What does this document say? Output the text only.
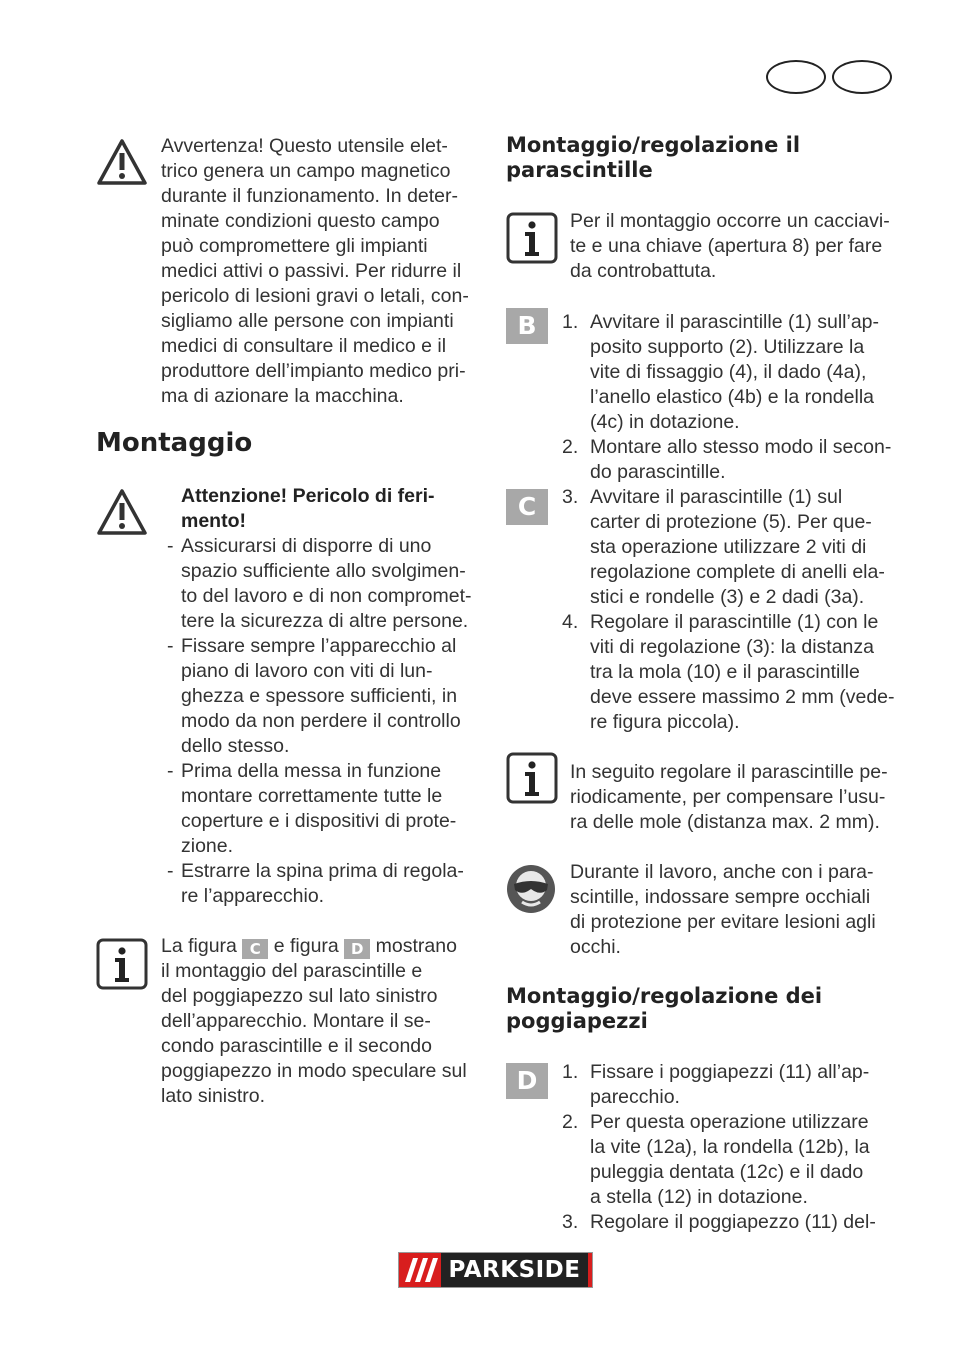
Avvertenza! Questo utensile elet-
trico genera un campo magnetico
durante il funzionamento. In deter-
minate condizioni questo campo
può compromettere gli impianti
medici attivi o passivi. Per ridurre il
pericolo di lesioni gravi o letali, con-
sigliamo alle persone con impianti
medici di consultare il medico e il
produttore dell’impianto medico pri-
ma di azionare la macchina.
Montaggio
Attenzione! Pericolo di feri-
mento!
- Assicurarsi di disporre di uno
spazio sufficiente allo svolgimen-
to del lavoro e di non compromet-
tere la sicurezza di altre persone.
- Fissare sempre l’apparecchio al
piano di lavoro con viti di lun-
ghezza e spessore sufficienti, in
modo da non perdere il controllo
dello stesso.
- Prima della messa in funzione
montare correttamente tutte le
coperture e i dispositivi di prote-
zione.
- Estrarre la spina prima di regola-
re l’apparecchio.
La figura C e figura D mostrano
il montaggio del parascintille e
del poggiapezzo sul lato sinistro
dell’apparecchio. Montare il se-
condo parascintille e il secondo
poggiapezzo in modo speculare sul
lato sinistro.
Montaggio/regolazione il
parascintille
Per il montaggio occorre un cacciavi-
te e una chiave (apertura 8) per fare
da controbattuta.
B	1. Avvitare il parascintille (1) sull’ap-
posito supporto (2). Utilizzare la
vite di fissaggio (4), il dado (4a),
l’anello elastico (4b) e la rondella
(4c) in dotazione.
2. Montare allo stesso modo il secon-
do parascintille.
C	3. Avvitare il parascintille (1) sul
carter di protezione (5). Per que-
sta operazione utilizzare 2 viti di
regolazione complete di anelli ela-
stici e rondelle (3) e 2 dadi (3a).
4. Regolare il parascintille (1) con le
viti di regolazione (3): la distanza
tra la mola (10) e il parascintille
deve essere massimo 2 mm (vede-
re figura piccola).
In seguito regolare il parascintille pe-
riodicamente, per compensare l’usu-
ra delle mole (distanza max. 2 mm).
Durante il lavoro, anche con i para-
scintille, indossare sempre occhiali
di protezione per evitare lesioni agli
occhi.
Montaggio/regolazione dei
poggiapezzi
D	1. Fissare i poggiapezzi (11) all’ap-
parecchio.
2. Per questa operazione utilizzare
la vite (12a), la rondella (12b), la
puleggia dentata (12c) e il dado
a stella (12) in dotazione.
3. Regolare il poggiapezzo (11) del-
PARKSIDE
